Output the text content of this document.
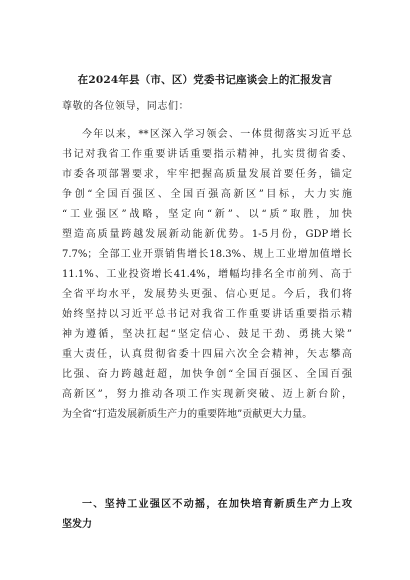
在2024年县（市、区）党委书记座谈会上的汇报发言
尊敬的各位领导，同志们：
今年以来，**区深入学习领会、一体贯彻落实习近平总
书记对我省工作重要讲话重要指示精神，扎实贯彻省委、
市委各项部署要求，牢牢把握高质量发展首要任务，锚定
争创“全国百强区、全国百强高新区”目标，大力实施
“工业强区”战略，坚定向“新”、以“质”取胜，加快
塑造高质量跨越发展新动能新优势。1-5月份，GDP增长
7.7%；全部工业开票销售增长18.3%、规上工业增加值增长
11.1%、工业投资增长41.4%，增幅均排名全市前列、高于
全省平均水平，发展势头更强、信心更足。今后，我们将
始终坚持以习近平总书记对我省工作重要讲话重要指示精
神为遵循，坚决扛起“坚定信心、鼓足干劲、勇挑大梁”
重大责任，认真贯彻省委十四届六次全会精神，矢志攀高
比强、奋力跨越赶超，加快争创“全国百强区、全国百强
高新区”，努力推动各项工作实现新突破、迈上新台阶，
为全省“打造发展新质生产力的重要阵地”贡献更大力量。
一、坚持工业强区不动摇，在加快培育新质生产力上攻
坚发力
